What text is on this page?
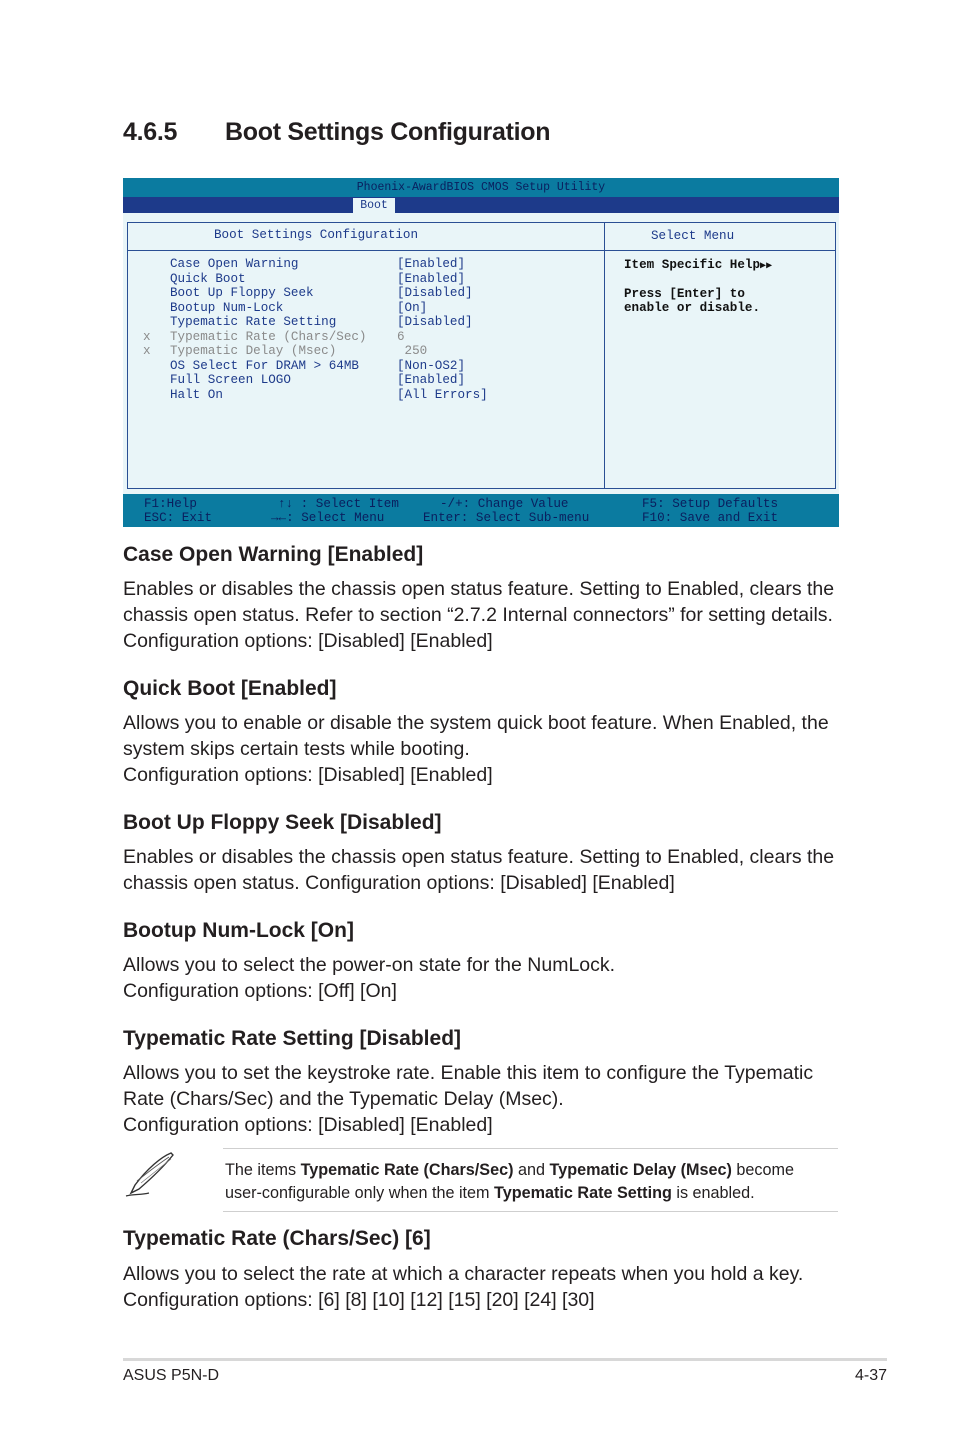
4.6.5	Boot Settings Configuration
Phoenix-AwardBIOS CMOS Setup Utility
Boot
Boot Settings Configuration	Select Menu
Case Open Warning	[Enabled]
Quick Boot	[Enabled]
Boot Up Floppy Seek	[Disabled]
Bootup Num-Lock	[On]
Typematic Rate Setting	[Disabled]
x Typematic Rate (Chars/Sec) 6
x Typematic Delay (Msec)	250
OS Select For DRAM > 64MB	[Non-OS2]
Full Screen LOGO	[Enabled]
Halt On	[All Errors]
Item Specific Help▶▶
Press [Enter] to
enable or disable.
F1:Help	↑↓ : Select Item	-/+: Change Value	F5: Setup Defaults
ESC: Exit	→←: Select Menu	Enter: Select Sub-menu	F10: Save and Exit
Case Open Warning [Enabled]
Enables or disables the chassis open status feature. Setting to Enabled, clears the
chassis open status. Refer to section “2.7.2 Internal connectors” for setting details.
Configuration options: [Disabled] [Enabled]
Quick Boot [Enabled]
Allows you to enable or disable the system quick boot feature. When Enabled, the
system skips certain tests while booting.
Configuration options: [Disabled] [Enabled]
Boot Up Floppy Seek [Disabled]
Enables or disables the chassis open status feature. Setting to Enabled, clears the
chassis open status. Configuration options: [Disabled] [Enabled]
Bootup Num-Lock [On]
Allows you to select the power-on state for the NumLock.
Configuration options: [Off] [On]
Typematic Rate Setting [Disabled]
Allows you to set the keystroke rate. Enable this item to configure the Typematic
Rate (Chars/Sec) and the Typematic Delay (Msec).
Configuration options: [Disabled] [Enabled]
The items Typematic Rate (Chars/Sec) and Typematic Delay (Msec) become
user-configurable only when the item Typematic Rate Setting is enabled.
Typematic Rate (Chars/Sec) [6]
Allows you to select the rate at which a character repeats when you hold a key.
Configuration options: [6] [8] [10] [12] [15] [20] [24] [30]
ASUS P5N-D	4-37
